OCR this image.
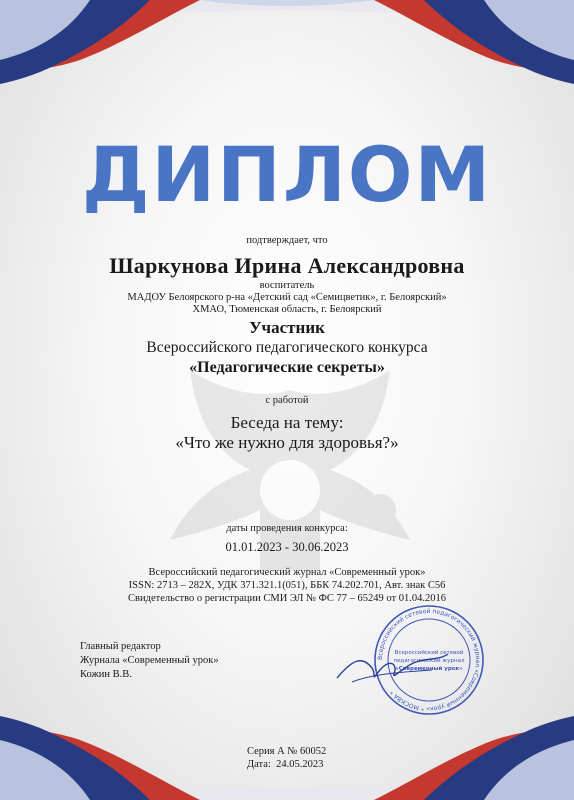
ДИПЛОМ
подтверждает, что
Шаркунова Ирина Александровна
воспитатель
МАДОУ Белоярского р-на «Детский сад «Семицветик», г. Белоярский»
ХМАО, Тюменская область, г. Белоярский
Участник
Всероссийского педагогического конкурса
«Педагогические секреты»
с работой
Беседа на тему:
«Что же нужно для здоровья?»
даты проведения конкурса:
01.01.2023 - 30.06.2023
Всероссийский педагогический журнал «Современный урок»
ISSN: 2713 – 282X, УДК 371.321.1(051), ББК 74.202.701, Авт. знак С56
Свидетельство о регистрации СМИ ЭЛ № ФС 77 – 65249 от 01.04.2016
Главный редактор
Журнала «Современный урок»
Кожин В.В.
Всероссийский сетевой педагогический журнал «Современный урок» * МОСКВА *
Всероссийский сетевой
педагогический журнал
«Современный урок»
Серия А № 60052
Дата:  24.05.2023
